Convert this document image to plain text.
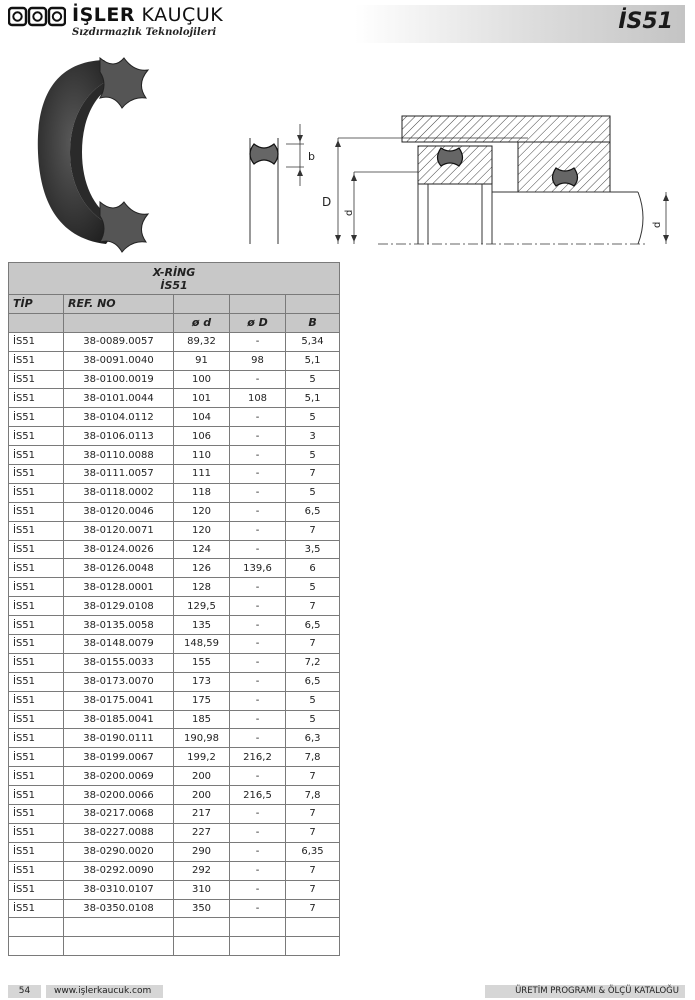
İŞLER KAUÇUK
Sızdırmazlık Teknolojileri	İS51
b
D
d
d
X-RİNG
İS51				

TİP	REF. NO			
		ø d	ø D	B
İS51	38-0089.0057	89,32	-	5,34
İS51	38-0091.0040	91	98	5,1
İS51	38-0100.0019	100	-	5
İS51	38-0101.0044	101	108	5,1
İS51	38-0104.0112	104	-	5
İS51	38-0106.0113	106	-	3
İS51	38-0110.0088	110	-	5
İS51	38-0111.0057	111	-	7
İS51	38-0118.0002	118	-	5
İS51	38-0120.0046	120	-	6,5
İS51	38-0120.0071	120	-	7
İS51	38-0124.0026	124	-	3,5
İS51	38-0126.0048	126	139,6	6
İS51	38-0128.0001	128	-	5
İS51	38-0129.0108	129,5	-	7
İS51	38-0135.0058	135	-	6,5
İS51	38-0148.0079	148,59	-	7
İS51	38-0155.0033	155	-	7,2
İS51	38-0173.0070	173	-	6,5
İS51	38-0175.0041	175	-	5
İS51	38-0185.0041	185	-	5
İS51	38-0190.0111	190,98	-	6,3
İS51	38-0199.0067	199,2	216,2	7,8
İS51	38-0200.0069	200	-	7
İS51	38-0200.0066	200	216,5	7,8
İS51	38-0217.0068	217	-	7
İS51	38-0227.0088	227	-	7
İS51	38-0290.0020	290	-	6,35
İS51	38-0292.0090	292	-	7
İS51	38-0310.0107	310	-	7
İS51	38-0350.0108	350	-	7

54	www.işlerkaucuk.com	ÜRETİM PROGRAMI & ÖLÇÜ KATALOĞU
